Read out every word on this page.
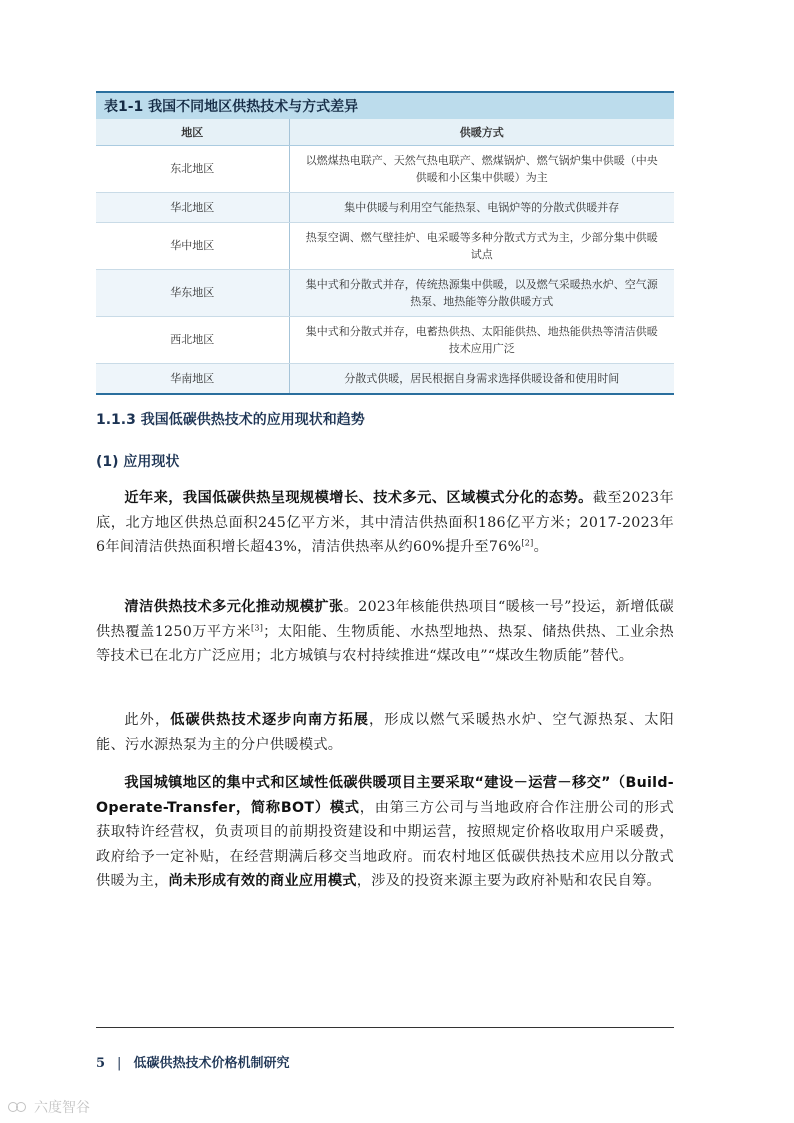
表1-1 我国不同地区供热技术与方式差异
地区	供暖方式
东北地区	以燃煤热电联产、天然气热电联产、燃煤锅炉、燃气锅炉集中供暖（中央供暖和小区集中供暖）为主
华北地区	集中供暖与利用空气能热泵、电锅炉等的分散式供暖并存
华中地区	热泵空调、燃气壁挂炉、电采暖等多种分散式方式为主，少部分集中供暖试点
华东地区	集中式和分散式并存，传统热源集中供暖，以及燃气采暖热水炉、空气源热泵、地热能等分散供暖方式
西北地区	集中式和分散式并存，电蓄热供热、太阳能供热、地热能供热等清洁供暖技术应用广泛
华南地区	分散式供暖，居民根据自身需求选择供暖设备和使用时间
1.1.3 我国低碳供热技术的应用现状和趋势
(1) 应用现状

近年来，我国低碳供热呈现规模增长、技术多元、区域模式分化的态势。截至2023年底，北方地区供热总面积245亿平方米，其中清洁供热面积186亿平方米；2017-2023年6年间清洁供热面积增长超43%，清洁供热率从约60%提升至76%[2]。

清洁供热技术多元化推动规模扩张。2023年核能供热项目“暖核一号”投运，新增低碳供热覆盖1250万平方米[3]；太阳能、生物质能、水热型地热、热泵、储热供热、工业余热等技术已在北方广泛应用；北方城镇与农村持续推进“煤改电”“煤改生物质能”替代。

此外，低碳供热技术逐步向南方拓展，形成以燃气采暖热水炉、空气源热泵、太阳能、污水源热泵为主的分户供暖模式。

我国城镇地区的集中式和区域性低碳供暖项目主要采取“建设－运营－移交”（Build-Operate-Transfer，简称BOT）模式，由第三方公司与当地政府合作注册公司的形式获取特许经营权，负责项目的前期投资建设和中期运营，按照规定价格收取用户采暖费，政府给予一定补贴，在经营期满后移交当地政府。而农村地区低碳供热技术应用以分散式供暖为主，尚未形成有效的商业应用模式，涉及的投资来源主要为政府补贴和农民自筹。

5 | 低碳供热技术价格机制研究
六度智谷
